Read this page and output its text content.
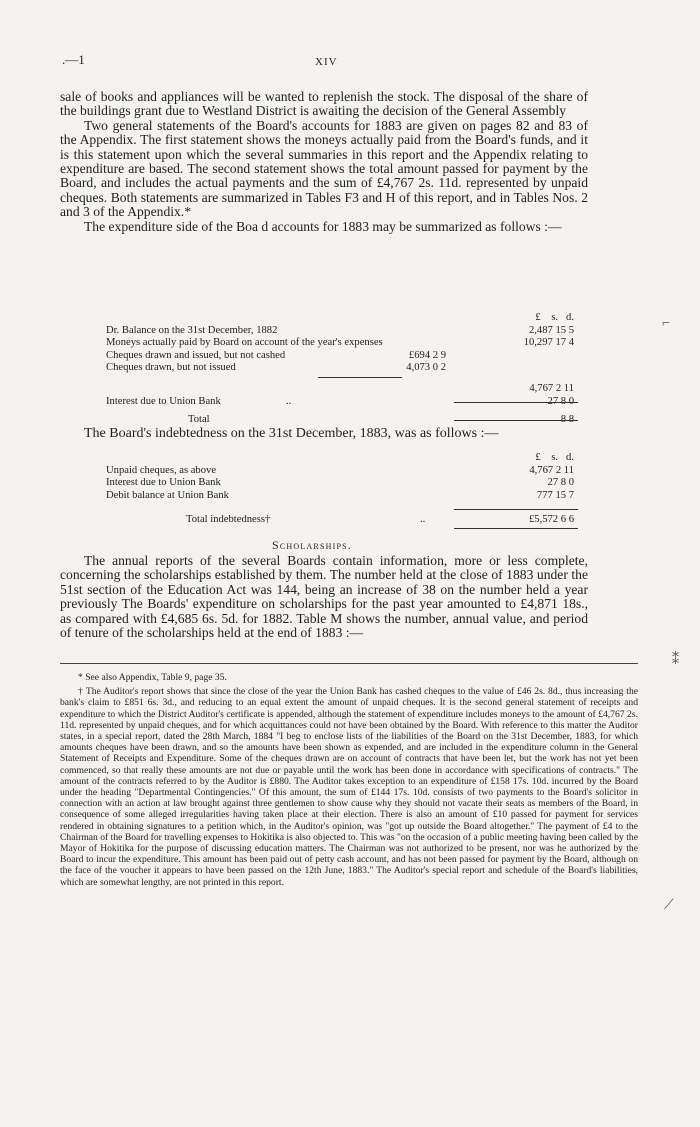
.—1	XIV

sale of books and appliances will be wanted to replenish the stock. The disposal of the share of the buildings grant due to Westland District is awaiting the decision of the General Assembly

Two general statements of the Board's accounts for 1883 are given on pages 82 and 83 of the Appendix. The first statement shows the moneys actually paid from the Board's funds, and it is this statement upon which the several summaries in this report and the Appendix relating to expenditure are based. The second statement shows the total amount passed for payment by the Board, and includes the actual payments and the sum of £4,767 2s. 11d. represented by unpaid cheques. Both statements are summarized in Tables F3 and H of this report, and in Tables Nos. 2 and 3 of the Appendix.*

The expenditure side of the Boa d accounts for 1883 may be summarized as follows :—

£ s. d.
Dr. Balance on the 31st December, 1882	2,487 15 5
Moneys actually paid by Board on account of the year's expenses	10,297 17 4
Cheques drawn and issued, but not cashed	£694 2 9
Cheques drawn, but not issued	4,073 0 2
4,767 2 11
Interest due to Union Bank	..	27 8 0
Total	8 8

The Board's indebtedness on the 31st December, 1883, was as follows :—

£ s. d.
Unpaid cheques, as above	4,767 2 11
Interest due to Union Bank	27 8 0
Debit balance at Union Bank	777 15 7
Total indebtedness†	..	£5,572 6 6
Scholarships.

The annual reports of the several Boards contain information, more or less complete, concerning the scholarships established by them. The number held at the close of 1883 under the 51st section of the Education Act was 144, being an increase of 38 on the number held a year previously The Boards' expenditure on scholarships for the past year amounted to £4,871 18s., as compared with £4,685 6s. 5d. for 1882. Table M shows the number, annual value, and period of tenure of the scholarships held at the end of 1883 :—

* See also Appendix, Table 9, page 35.

† The Auditor's report shows that since the close of the year the Union Bank has cashed cheques to the value of £46 2s. 8d., thus increasing the bank's claim to £851 6s. 3d., and reducing to an equal extent the amount of unpaid cheques. It is the second general statement of receipts and expenditure to which the District Auditor's certificate is appended, although the statement of expenditure includes moneys to the amount of £4,767 2s. 11d. represented by unpaid cheques, and for which acquittances could not have been obtained by the Board. With reference to this matter the Auditor states, in a special report, dated the 28th March, 1884 "I beg to enclose lists of the liabilities of the Board on the 31st December, 1883, for which amounts cheques have been drawn, and so the amounts have been shown as expended, and are included in the expenditure column in the General Statement of Receipts and Expenditure. Some of the cheques drawn are on account of contracts that have been let, but the work has not yet been commenced, so that really these amounts are not due or payable until the work has been done in accordance with specifications of contracts." The amount of the contracts referred to by the Auditor is £880. The Auditor takes exception to an expenditure of £158 17s. 10d. incurred by the Board under the heading "Departmental Contingencies." Of this amount, the sum of £144 17s. 10d. consists of two payments to the Board's solicitor in connection with an action at law brought against three gentlemen to show cause why they should not vacate their seats as members of the Board, in consequence of some alleged irregularities having taken place at their election. There is also an amount of £10 passed for payment for services rendered in obtaining signatures to a petition which, in the Auditor's opinion, was "got up outside the Board altogether." The payment of £4 to the Chairman of the Board for travelling expenses to Hokitika is also objected to. This was "on the occasion of a public meeting having been called by the Mayor of Hokitika for the purpose of discussing education matters. The Chairman was not authorized to be present, nor was he authorized by the Board to incur the expenditure. This amount has been paid out of petty cash account, and has not been passed for payment by the Board, although on the face of the voucher it appears to have been passed on the 12th June, 1883." The Auditor's special report and schedule of the Board's liabilities, which are somewhat lengthy, are not printed in this report.

⌐
⁑
⟋
